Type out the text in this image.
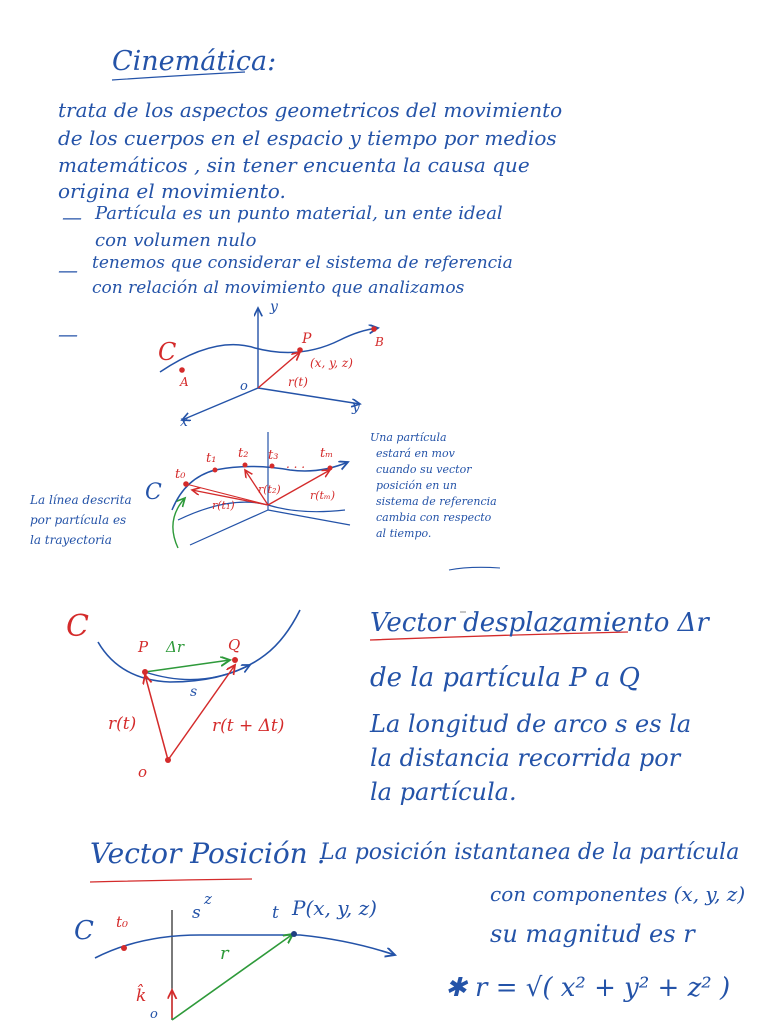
Cinemática:
trata de los aspectos geometricos del movimiento
de los cuerpos en el espacio y tiempo por medios
matemáticos , sin tener encuenta la causa que
origina el movimiento.
— Partícula es un punto material, un ente ideal
con volumen nulo
— tenemos que considerar el sistema de referencia
con relación al movimiento que analizamos
—
C
A
B
P
(x, y, z)
r(t)
o
x
y
y
C
t₀
t₁ t₂ t₃
. . .
tₘ
r(t₁)
r(t₂)	r(tₘ)
La línea descrita
por partícula es
la trayectoria
Una partícula
estará en mov
cuando su vector
posición en un
sistema de referencia
cambia con respecto
al tiempo.
C
P	Q
Δr
s
r(t)	r(t + Δt)
o
Vector desplazamiento Δr
de la partícula P a Q
La longitud de arco s es la
la distancia recorrida por
la partícula.
Vector Posición .
La posición istantanea de la partícula
con componentes (x, y, z)
su magnitud es r
✱ r = √( x² + y² + z² )
C t₀	s
z
t P(x, y, z)
r
k̂
o
